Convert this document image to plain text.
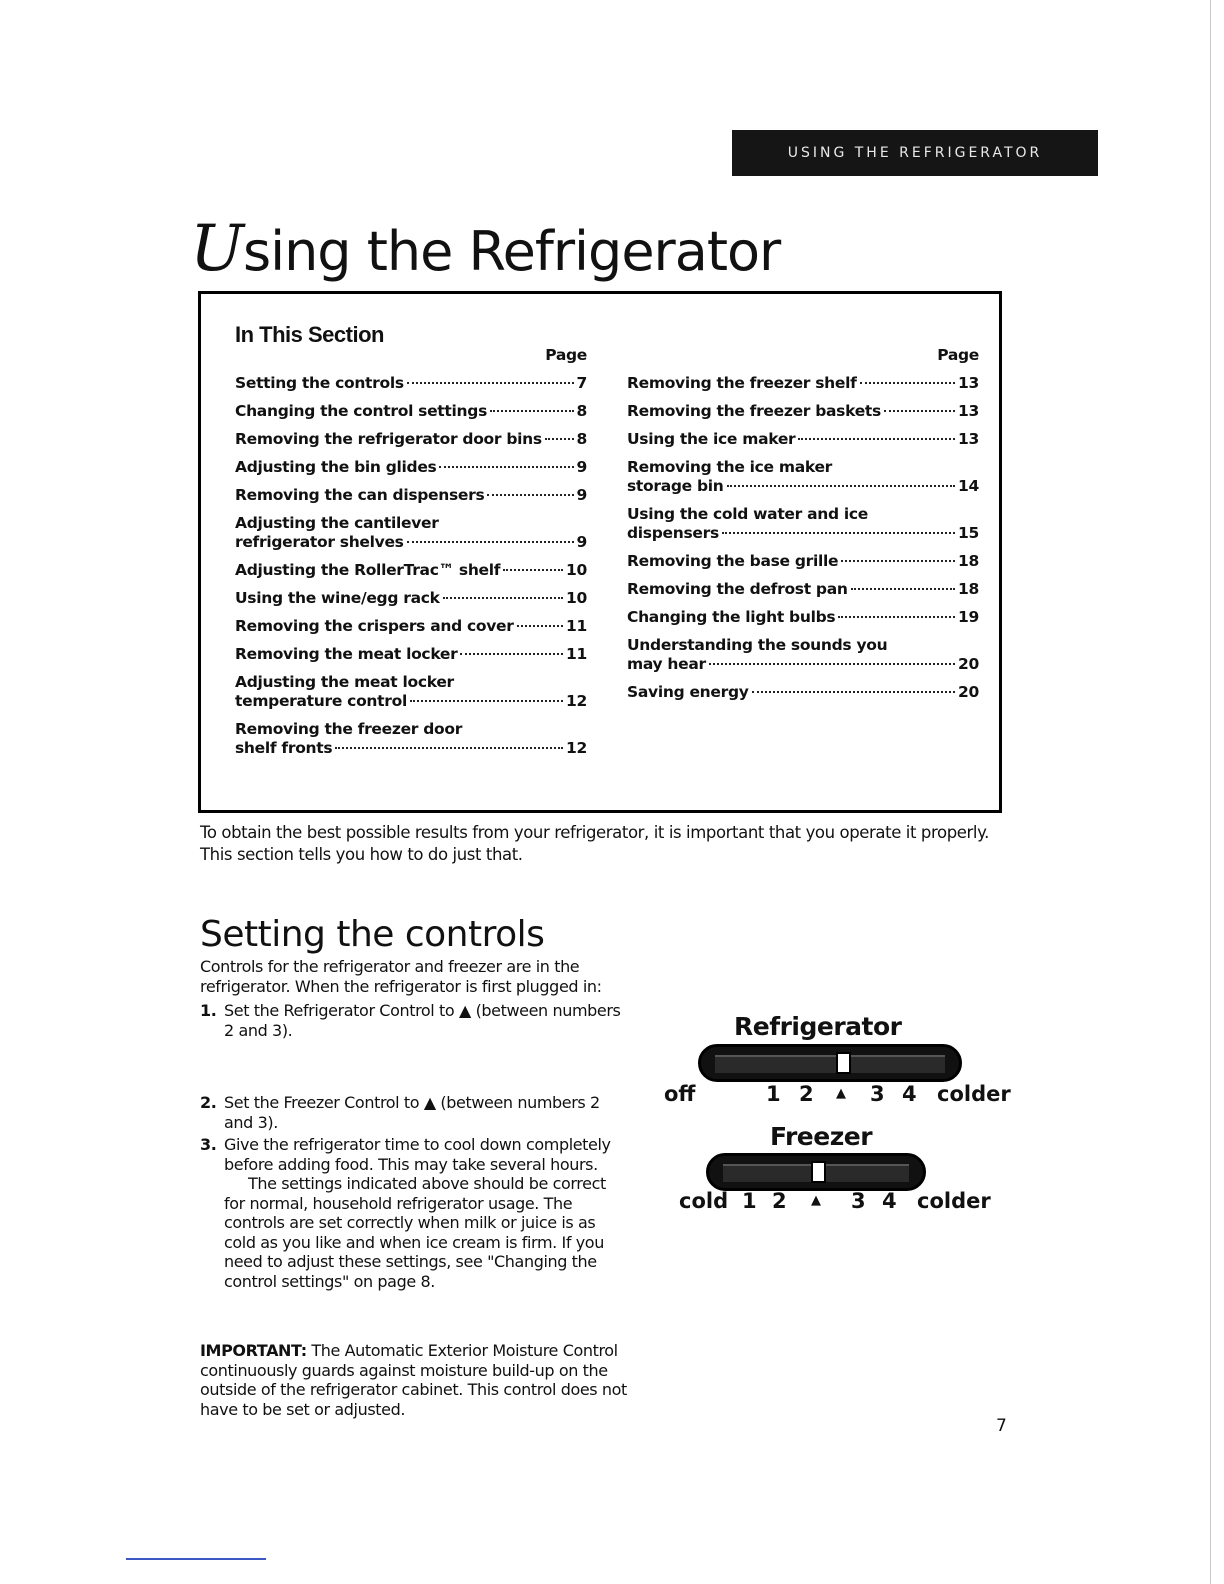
USING THE REFRIGERATOR
Using the Refrigerator
In This Section
Page
Setting the controls	7
Changing the control settings	8
Removing the refrigerator door bins 8
Adjusting the bin glides	9
Removing the can dispensers	9
Adjusting the cantilever
refrigerator shelves	9
Adjusting the RollerTrac™ shelf	10
Using the wine/egg rack	10
Removing the crispers and cover	11
Removing the meat locker	11
Adjusting the meat locker
temperature control	12
Removing the freezer door
shelf fronts	12
Page
Removing the freezer shelf	13
Removing the freezer baskets	13
Using the ice maker	13
Removing the ice maker
storage bin	14
Using the cold water and ice
dispensers	15
Removing the base grille	18
Removing the defrost pan	18
Changing the light bulbs	19
Understanding the sounds you
may hear	20
Saving energy	20

To obtain the best possible results from your refrigerator, it is important that you operate it properly. This section tells you how to do just that.

Setting the controls

Controls for the refrigerator and freezer are in the refrigerator. When the refrigerator is first plugged in:

1. Set the Refrigerator Control to ▲ (between numbers 2 and 3).
2. Set the Freezer Control to ▲ (between numbers 2 and 3).
3. Give the refrigerator time to cool down completely before adding food. This may take several hours.

The settings indicated above should be correct for normal, household refrigerator usage. The controls are set correctly when milk or juice is as cold as you like and when ice cream is firm. If you need to adjust these settings, see "Changing the control settings" on page 8.

IMPORTANT: The Automatic Exterior Moisture Control continuously guards against moisture build-up on the outside of the refrigerator cabinet. This control does not have to be set or adjusted.

Refrigerator
off	1 2 ▲ 3 4 colder
Freezer
cold 1 2 ▲ 3 4 colder
7
